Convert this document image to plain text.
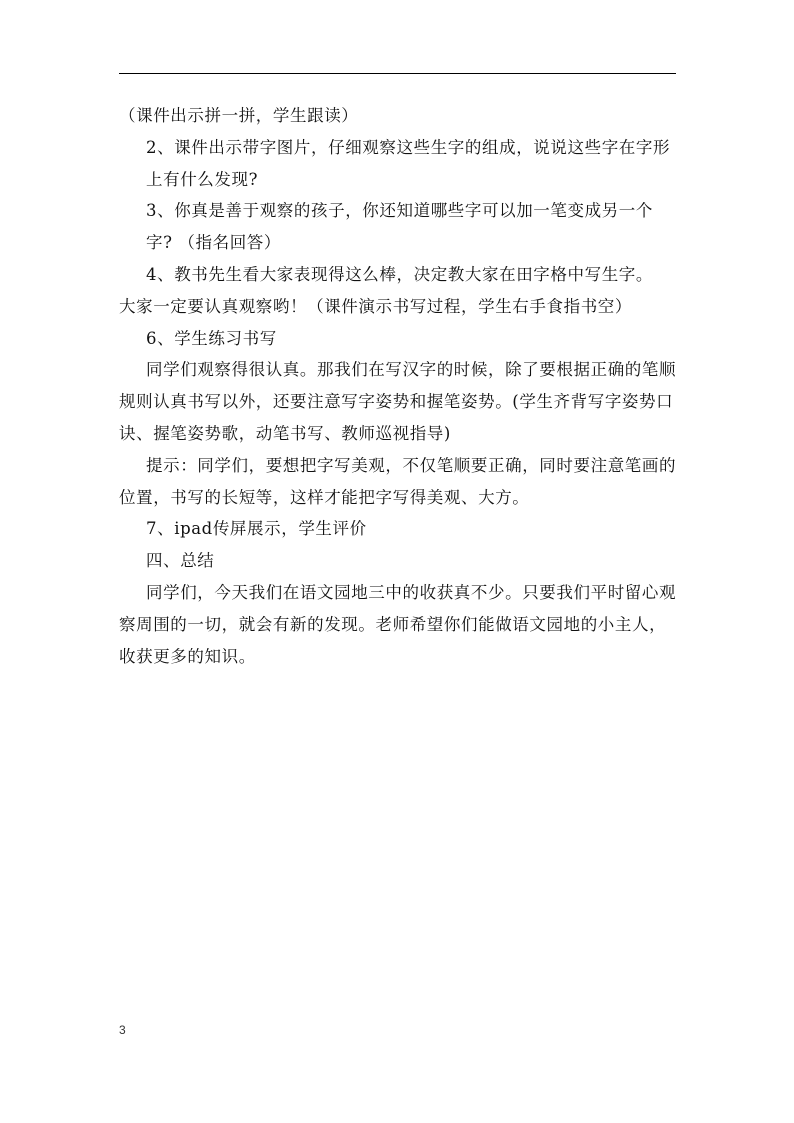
（课件出示拼一拼，学生跟读）

2、课件出示带字图片，仔细观察这些生字的组成，说说这些字在字形上有什么发现?

3、你真是善于观察的孩子，你还知道哪些字可以加一笔变成另一个字? （指名回答）

4、教书先生看大家表现得这么棒，决定教大家在田字格中写生字。

大家一定要认真观察哟！（课件演示书写过程，学生右手食指书空）

6、学生练习书写

同学们观察得很认真。那我们在写汉字的时候，除了要根据正确的笔顺规则认真书写以外，还要注意写字姿势和握笔姿势。(学生齐背写字姿势口诀、握笔姿势歌，动笔书写、教师巡视指导)

提示：同学们，要想把字写美观，不仅笔顺要正确，同时要注意笔画的位置，书写的长短等，这样才能把字写得美观、大方。

7、ipad传屏展示，学生评价

四、总结

同学们，今天我们在语文园地三中的收获真不少。只要我们平时留心观察周围的一切，就会有新的发现。老师希望你们能做语文园地的小主人，收获更多的知识。

3
